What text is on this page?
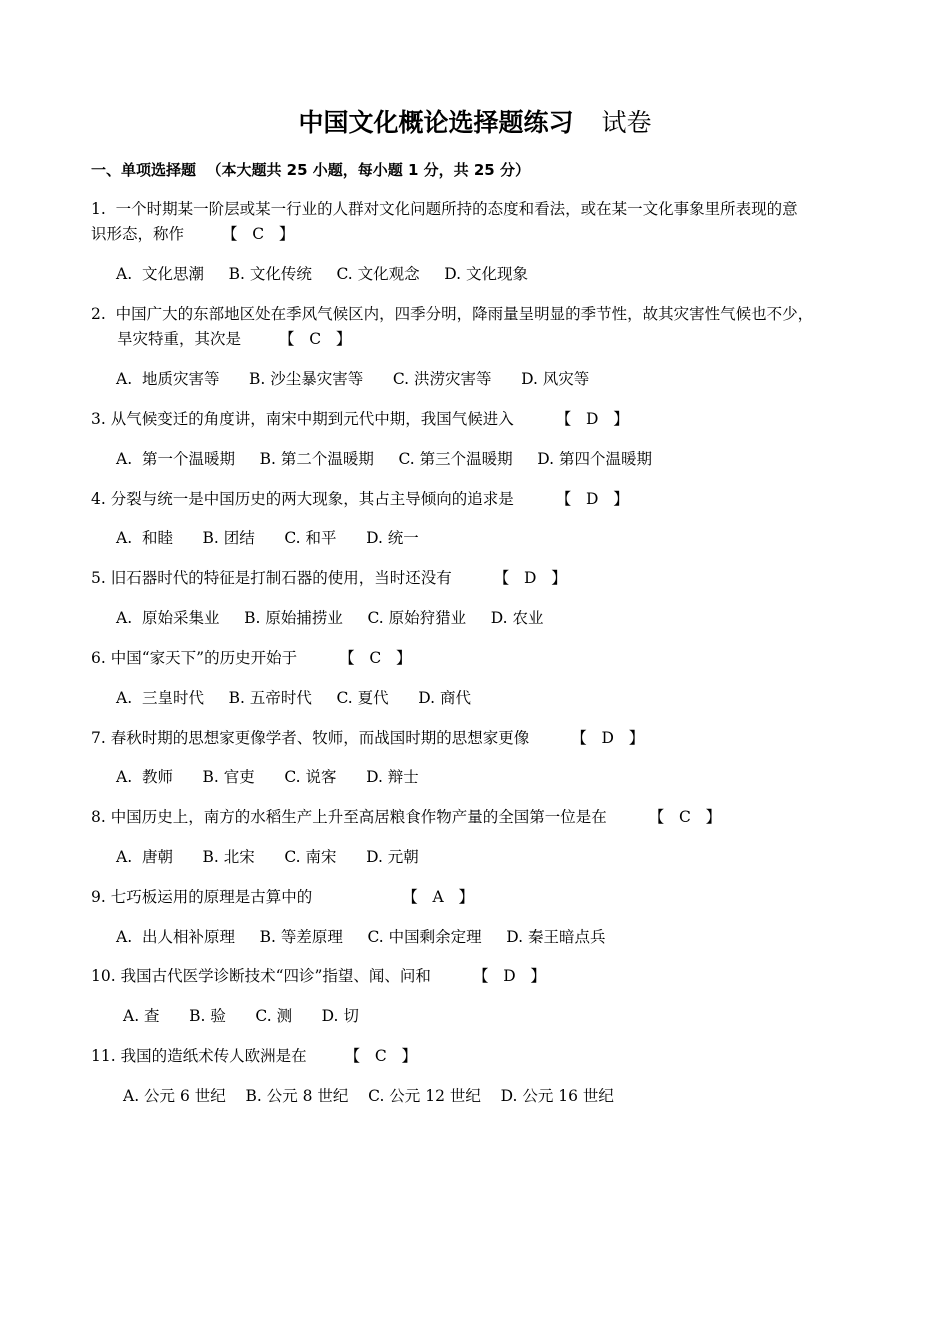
中国文化概论选择题练习 试卷
一、单项选择题  （本大题共 25 小题，每小题 1 分，共 25 分）
1.  一个时期某一阶层或某一行业的人群对文化问题所持的态度和看法，或在某一文化事象里所表现的意
识形态，称作 【   C   】
A.  文化思潮     B. 文化传统     C. 文化观念     D. 文化现象
2.  中国广大的东部地区处在季风气候区内，四季分明，降雨量呈明显的季节性，故其灾害性气候也不少，
旱灾特重，其次是 【   C   】
A.  地质灾害等      B. 沙尘暴灾害等      C. 洪涝灾害等      D. 风灾等
3. 从气候变迁的角度讲，南宋中期到元代中期，我国气候进入	【   D   】
A.  第一个温暖期     B. 第二个温暖期     C. 第三个温暖期     D. 第四个温暖期
4. 分裂与统一是中国历史的两大现象，其占主导倾向的追求是	【   D   】
A.  和睦      B. 团结      C. 和平      D. 统一
5. 旧石器时代的特征是打制石器的使用，当时还没有	【   D   】
A.  原始采集业     B. 原始捕捞业     C. 原始狩猎业     D. 农业
6. 中国“家天下”的历史开始于	【   C   】
A.  三皇时代     B. 五帝时代     C. 夏代      D. 商代
7. 春秋时期的思想家更像学者、牧师，而战国时期的思想家更像	【   D   】
A.  教师      B. 官吏      C. 说客      D. 辩士
8. 中国历史上，南方的水稻生产上升至高居粮食作物产量的全国第一位是在	【   C   】
A.  唐朝      B. 北宋      C. 南宋      D. 元朝
9. 七巧板运用的原理是古算中的	【   A   】
A.  出人相补原理     B. 等差原理     C. 中国剩余定理     D. 秦王暗点兵
10. 我国古代医学诊断技术“四诊”指望、闻、问和	【   D   】
A. 查      B. 验      C. 测      D. 切
11. 我国的造纸术传人欧洲是在 【   C   】
A. 公元 6 世纪    B. 公元 8 世纪    C. 公元 12 世纪    D. 公元 16 世纪
